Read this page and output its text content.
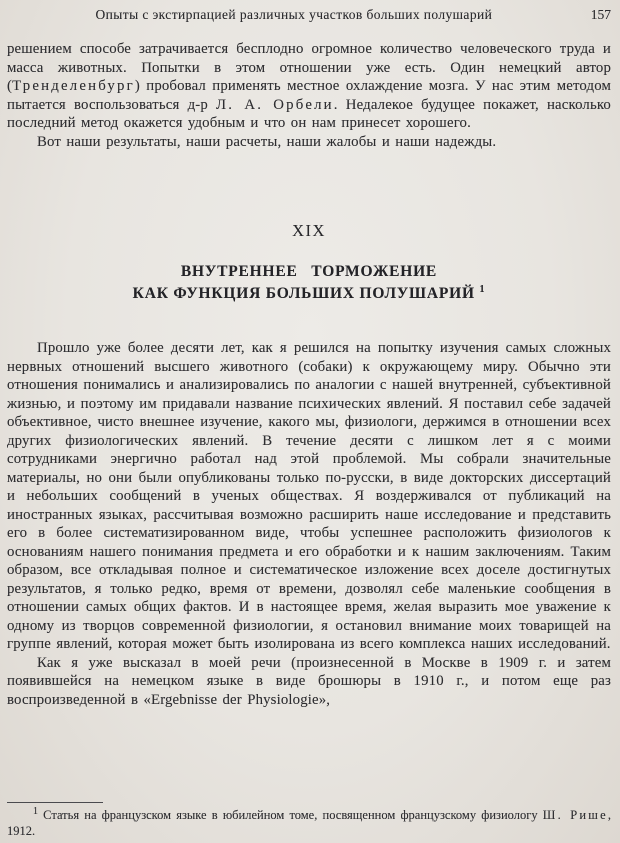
Опыты с экстирпацией различных участков больших полушарий	157

решением способе затрачивается бесплодно огромное количество человеческого труда и масса животных. Попытки в этом отношении уже есть. Один немецкий автор (Тренделенбург) пробовал применять местное охлаждение мозга. У нас этим методом пытается воспользоваться д-р Л. А. Орбели. Недалекое будущее покажет, насколько последний метод окажется удобным и что он нам принесет хорошего.

Вот наши результаты, наши расчеты, наши жалобы и наши надежды.

XIX
ВНУТРЕННЕЕ ТОРМОЖЕНИЕ
КАК ФУНКЦИЯ БОЛЬШИХ ПОЛУШАРИЙ $^1$

Прошло уже более десяти лет, как я решился на попытку изучения самых сложных нервных отношений высшего животного (собаки) к окружающему миру. Обычно эти отношения понимались и анализировались по аналогии с нашей внутренней, субъективной жизнью, и поэтому им придавали название психических явлений. Я поставил себе задачей объективное, чисто внешнее изучение, какого мы, физиологи, держимся в отношении всех других физиологических явлений. В течение десяти с лишком лет я с моими сотрудниками энергично работал над этой проблемой. Мы собрали значительные материалы, но они были опубликованы только по-русски, в виде докторских диссертаций и небольших сообщений в ученых обществах. Я воздерживался от публикаций на иностранных языках, рассчитывая возможно расширить наше исследование и представить его в более систематизированном виде, чтобы успешнее расположить физиологов к основаниям нашего понимания предмета и его обработки и к нашим заключениям. Таким образом, все откладывая полное и систематическое изложение всех доселе достигнутых результатов, я только редко, время от времени, дозволял себе маленькие сообщения в отношении самых общих фактов. И в настоящее время, желая выразить мое уважение к одному из творцов современной физиологии, я остановил внимание моих товарищей на группе явлений, которая может быть изолирована из всего комплекса наших исследований.

Как я уже высказал в моей речи (произнесенной в Москве в 1909 г. и затем появившейся на немецком языке в виде брошюры в 1910 г., и потом еще раз воспроизведенной в «Ergebnisse der Physiologie»,

$^1$ Статья на французском языке в юбилейном томе, посвященном французскому физиологу Ш. Рише, 1912.
